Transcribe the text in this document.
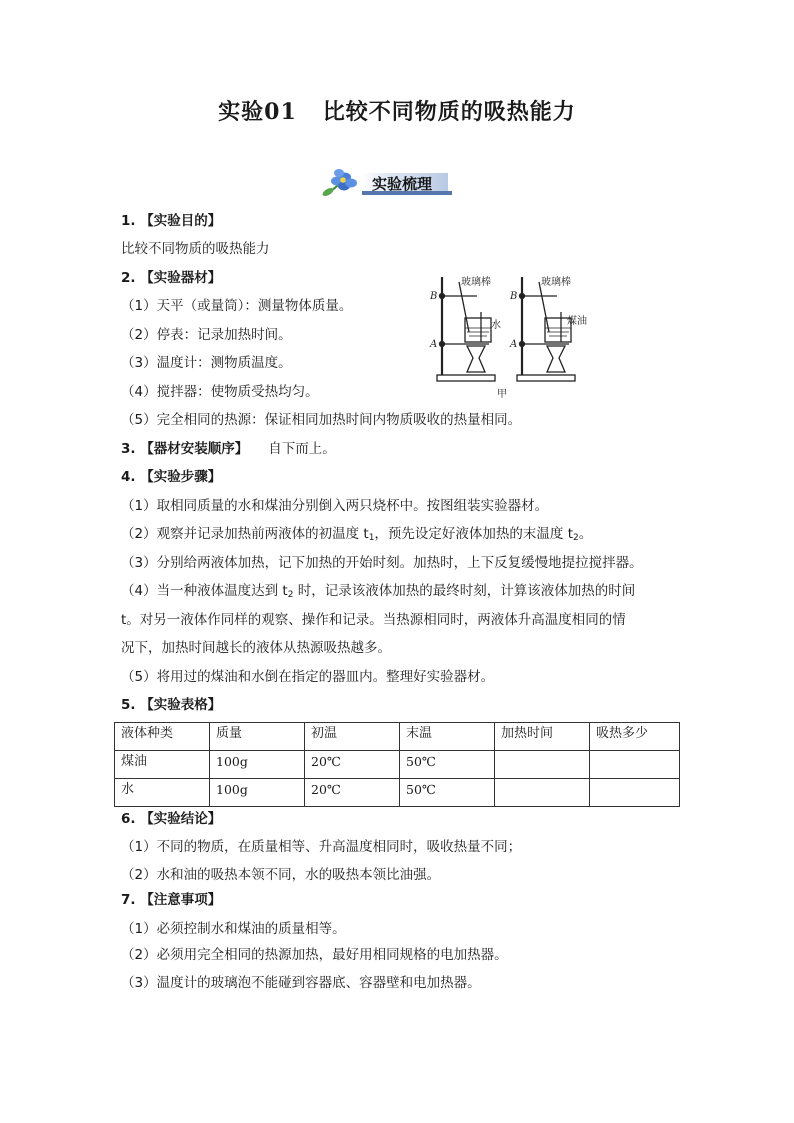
实验01 比较不同物质的吸热能力
实验梳理
1. 【实验目的】
比较不同物质的吸热能力
2. 【实验器材】
（1）天平（或量筒）：测量物体质量。
（2）停表：记录加热时间。
（3）温度计：测物质温度。
（4）搅拌器：使物质受热均匀。
（5）完全相同的热源：保证相同加热时间内物质吸收的热量相同。
B
A
B
A
玻璃棒	玻璃棒
水	煤油
甲
3. 【器材安装顺序】 自下而上。
4. 【实验步骤】
（1）取相同质量的水和煤油分别倒入两只烧杯中。按图组装实验器材。
（2）观察并记录加热前两液体的初温度 $t_1$，预先设定好液体加热的末温度 $t_2$。
（3）分别给两液体加热，记下加热的开始时刻。加热时，上下反复缓慢地提拉搅拌器。
（4）当一种液体温度达到 $t_2$ 时，记录该液体加热的最终时刻，计算该液体加热的时间
t。对另一液体作同样的观察、操作和记录。当热源相同时，两液体升高温度相同的情
况下，加热时间越长的液体从热源吸热越多。
（5）将用过的煤油和水倒在指定的器皿内。整理好实验器材。
5. 【实验表格】
液体种类	质量	初温	末温	加热时间	吸热多少
煤油	100g	20℃	50℃		
水	100g	20℃	50℃		
6. 【实验结论】
（1）不同的物质，在质量相等、升高温度相同时，吸收热量不同；
（2）水和油的吸热本领不同，水的吸热本领比油强。
7. 【注意事项】
（1）必须控制水和煤油的质量相等。
（2）必须用完全相同的热源加热，最好用相同规格的电加热器。
（3）温度计的玻璃泡不能碰到容器底、容器壁和电加热器。
